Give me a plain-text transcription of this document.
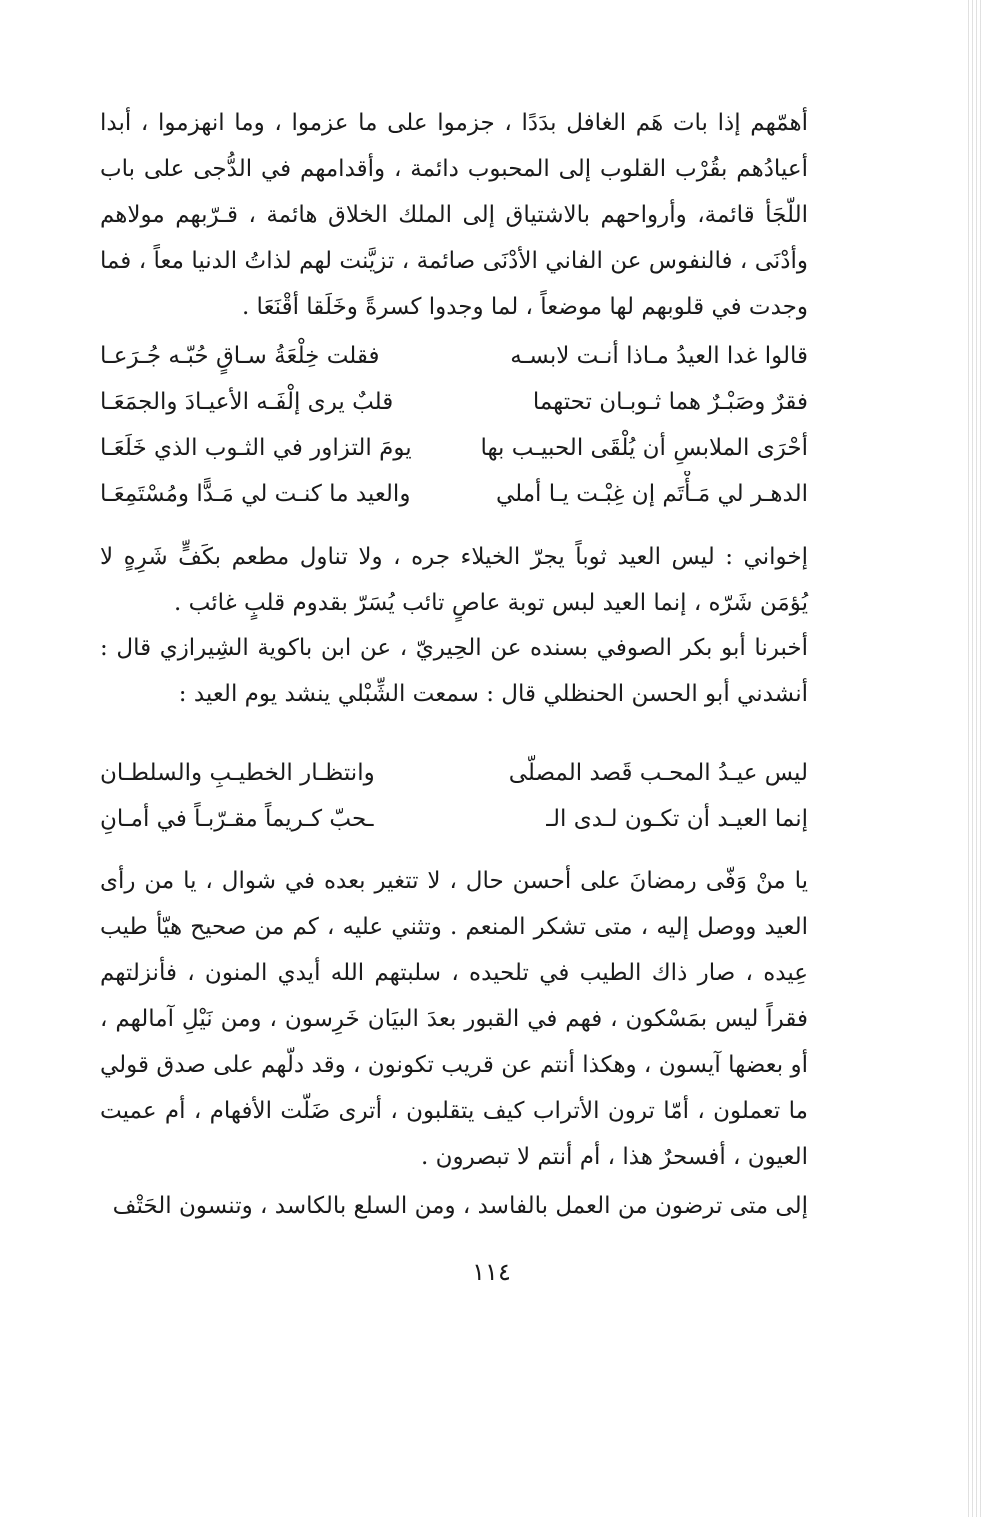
أهمّهم إذا بات هَم الغافل بدَدًا ، جزموا على ما عزموا ، وما انهزموا ، أبدا أعيادُهم بقُرْب القلوب إلى المحبوب دائمة ، وأقدامهم في الدُّجى على باب اللّجَأ قائمة، وأرواحهم بالاشتياق إلى الملك الخلاق هائمة ، قـرّبهم مولاهم وأدْنَى ، فالنفوس عن الفاني الأدْنَى صائمة ، تزيَّنت لهم لذاتُ الدنيا معاً ، فما وجدت في قلوبهم لها موضعاً ، لما وجدوا كسرةً وخَلَقا أقْنَعَا .

قالوا غدا العيدُ مـاذا أنـت لابسـه
فقلت خِلْعَةُ سـاقٍ حُبّـه جُـرَعـا
فقرٌ وصَبْـرٌ هما ثـوبـان تحتهما
قلبٌ يرى إلْفَـه الأعيـادَ والجمَعَـا
أحْرَى الملابسِ أن يُلْقَى الحبيـب بها
يومَ التزاور في الثـوب الذي خَلَعَـا
الدهـر لي مَـأْتَم إن غِبْـت يـا أملي
والعيد ما كنـت لي مَـدًّا ومُسْتَمِعَـا

إخواني : ليس العيد ثوباً يجرّ الخيلاء جره ، ولا تناول مطعم بكَفٍّ شَرِهٍ لا يُؤمَن شَرّه ، إنما العيد لبس توبة عاصٍ تائب يُسَرّ بقدوم قلبٍ غائب .

أخبرنا أبو بكر الصوفي بسنده عن الحِيريّ ، عن ابن باكوية الشِيرازي قال : أنشدني أبو الحسن الحنظلي قال : سمعت الشِّبْلي ينشد يوم العيد :

ليس عيـدُ المحـب قَصد المصلّى
وانتظـار الخطيـبِ والسلطـان
إنما العيـد أن تكـون لـدى الـ
ـحبّ كـريماً مقـرّبـاً في أمـانِ

يا منْ وَفّى رمضانَ على أحسن حال ، لا تتغير بعده في شوال ، يا من رأى العيد ووصل إليه ، متى تشكر المنعم . وتثني عليه ، كم من صحيح هيّأ طيب عِيده ، صار ذاك الطيب في تلحيده ، سلبتهم الله أيدي المنون ، فأنزلتهم فقراً ليس بمَسْكون ، فهم في القبور بعدَ البيَان خَرِسون ، ومن نَيْلِ آمالهم ، أو بعضها آيسون ، وهكذا أنتم عن قريب تكونون ، وقد دلّهم على صدق قولي ما تعملون ، أمّا ترون الأتراب كيف يتقلبون ، أترى ضَلّت الأفهام ، أم عميت العيون ، أفسحرٌ هذا ، أم أنتم لا تبصرون .

إلى متى ترضون من العمل بالفاسد ، ومن السلع بالكاسد ، وتنسون الحَتْف

١١٤
